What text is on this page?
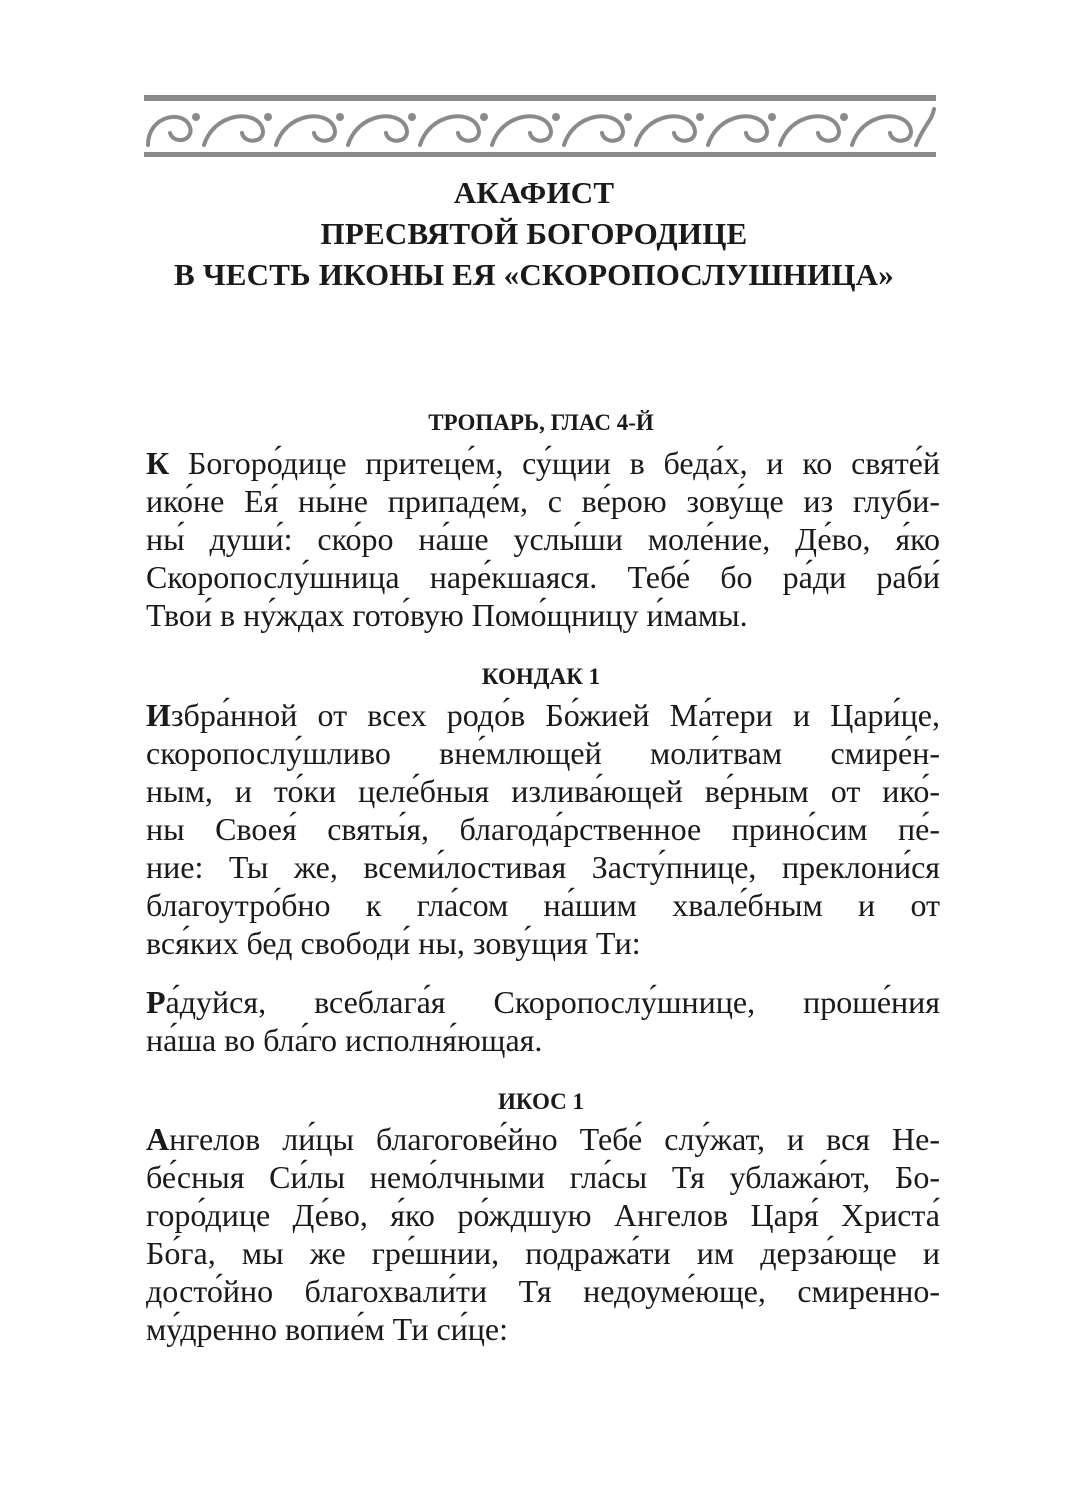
АКАФИСТ
ПРЕСВЯТОЙ БОГОРОДИЦЕ
В ЧЕСТЬ ИКОНЫ ЕЯ «СКОРОПОСЛУШНИЦА»
ТРОПАРЬ, ГЛАС 4-Й
К Богоро́дице притеце́м, су́щии в беда́х, и ко святе́й
ико́не Ея́ ны́не припаде́м, с ве́рою зову́ще из глуби-
ны́ души́: ско́ро на́ше услы́ши моле́ние, Де́во, я́ко
Скоропослу́шница наре́кшаяся. Тебе́ бо ра́ди раби́
Твои́ в ну́ждах гото́вую Помо́щницу и́мамы.
КОНДАК 1
Избра́нной от всех родо́в Бо́жией Ма́тери и Цари́це,
скоропослу́шливо вне́млющей моли́твам смире́н-
ным, и то́ки целе́бныя излива́ющей ве́рным от ико́-
ны Своея́ святы́я, благода́рственное прино́сим пе́-
ние: Ты же, всеми́лостивая Засту́пнице, преклони́ся
благоутро́бно к гла́сом на́шим хвале́бным и от
вся́ких бед свободи́ ны, зову́щия Ти:
Ра́дуйся, всеблага́я Скоропослу́шнице, проше́ния
на́ша во бла́го исполня́ющая.
ИКОС 1
Ангелов ли́цы благогове́йно Тебе́ слу́жат, и вся Не-
бе́сныя Си́лы немо́лчными гла́сы Тя ублажа́ют, Бо-
горо́дице Де́во, я́ко ро́ждшую Ангелов Царя́ Христа́
Бо́га, мы же гре́шнии, подража́ти им дерза́юще и
досто́йно благохвали́ти Тя недоуме́юще, смиренно-
му́дренно вопие́м Ти си́це:
